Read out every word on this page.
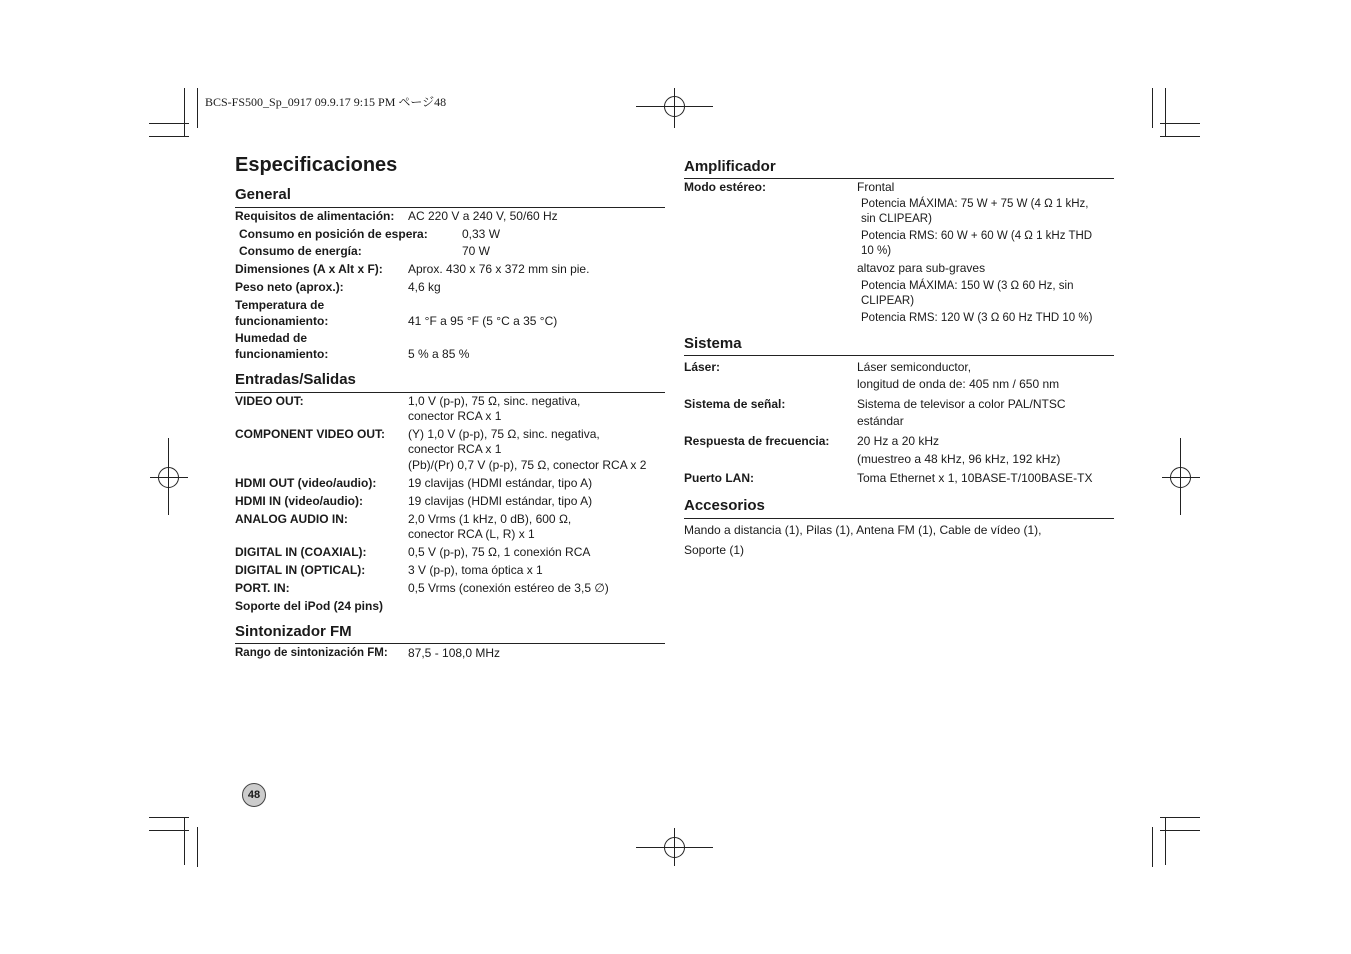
BCS-FS500_Sp_0917 09.9.17 9:15 PM ページ48
Especificaciones
General
Requisitos de alimentación: AC 220 V a 240 V, 50/60 Hz
Consumo en posición de espera:	0,33 W
Consumo de energía:	70 W
Dimensiones (A x Alt x F): Aprox. 430 x 76 x 372 mm sin pie.
Peso neto (aprox.):	4,6 kg
Temperatura de
funcionamiento:	41 °F a 95 °F (5 °C a 35 °C)
Humedad de
funcionamiento:	5 % a 85 %
Entradas/Salidas
VIDEO OUT:	1,0 V (p-p), 75 Ω, sinc. negativa,
conector RCA x 1
COMPONENT VIDEO OUT: (Y) 1,0 V (p-p), 75 Ω, sinc. negativa,
conector RCA x 1
(Pb)/(Pr) 0,7 V (p-p), 75 Ω, conector RCA x 2
HDMI OUT (video/audio):	19 clavijas (HDMI estándar, tipo A)
HDMI IN (video/audio):	19 clavijas (HDMI estándar, tipo A)
ANALOG AUDIO IN:	2,0 Vrms (1 kHz, 0 dB), 600 Ω,
conector RCA (L, R) x 1
DIGITAL IN (COAXIAL):	0,5 V (p-p), 75 Ω, 1 conexión RCA
DIGITAL IN (OPTICAL):	3 V (p-p), toma óptica x 1
PORT. IN:	0,5 Vrms (conexión estéreo de 3,5 ∅)
Soporte del iPod (24 pins)
Sintonizador FM
Rango de sintonización FM: 87,5 - 108,0 MHz
Amplificador
Modo estéreo:	Frontal
Potencia MÁXIMA: 75 W + 75 W (4 Ω 1 kHz,
sin CLIPEAR)
Potencia RMS: 60 W + 60 W (4 Ω 1 kHz THD
10 %)
altavoz para sub-graves
Potencia MÁXIMA: 150 W (3 Ω 60 Hz, sin
CLIPEAR)
Potencia RMS: 120 W (3 Ω 60 Hz THD 10 %)
Sistema
Láser:	Láser semiconductor,
longitud de onda de: 405 nm / 650 nm
Sistema de señal:	Sistema de televisor a color PAL/NTSC
estándar
Respuesta de frecuencia: 20 Hz a 20 kHz
(muestreo a 48 kHz, 96 kHz, 192 kHz)
Puerto LAN:	Toma Ethernet x 1, 10BASE-T/100BASE-TX
Accesorios
Mando a distancia (1), Pilas (1), Antena FM (1), Cable de vídeo (1),
Soporte (1)
48
